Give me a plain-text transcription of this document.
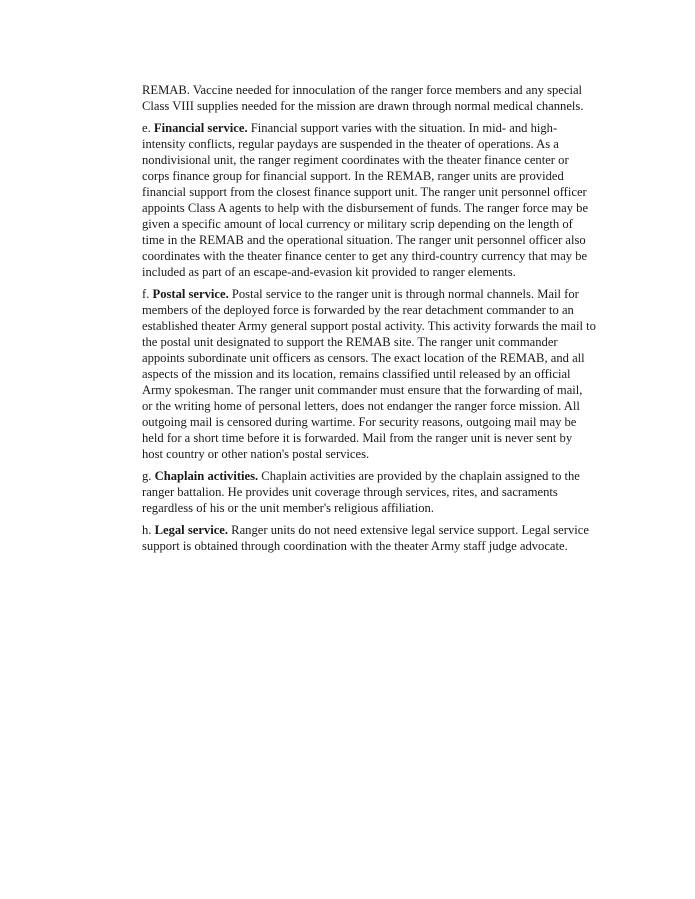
REMAB. Vaccine needed for innoculation of the ranger force members and any special Class VIII supplies needed for the mission are drawn through normal medical channels.

e. Financial service. Financial support varies with the situation. In mid- and high-intensity conflicts, regular paydays are suspended in the theater of operations. As a nondivisional unit, the ranger regiment coordinates with the theater finance center or corps finance group for financial support. In the REMAB, ranger units are provided financial support from the closest finance support unit. The ranger unit personnel officer appoints Class A agents to help with the disbursement of funds. The ranger force may be given a specific amount of local currency or military scrip depending on the length of time in the REMAB and the operational situation. The ranger unit personnel officer also coordinates with the theater finance center to get any third-country currency that may be included as part of an escape-and-evasion kit provided to ranger elements.

f. Postal service. Postal service to the ranger unit is through normal channels. Mail for members of the deployed force is forwarded by the rear detachment commander to an established theater Army general support postal activity. This activity forwards the mail to the postal unit designated to support the REMAB site. The ranger unit commander appoints subordinate unit officers as censors. The exact location of the REMAB, and all aspects of the mission and its location, remains classified until released by an official Army spokesman. The ranger unit commander must ensure that the forwarding of mail, or the writing home of personal letters, does not endanger the ranger force mission. All outgoing mail is censored during wartime. For security reasons, outgoing mail may be held for a short time before it is forwarded. Mail from the ranger unit is never sent by host country or other nation's postal services.

g. Chaplain activities. Chaplain activities are provided by the chaplain assigned to the ranger battalion. He provides unit coverage through services, rites, and sacraments regardless of his or the unit member's religious affiliation.

h. Legal service. Ranger units do not need extensive legal service support. Legal service support is obtained through coordination with the theater Army staff judge advocate.
